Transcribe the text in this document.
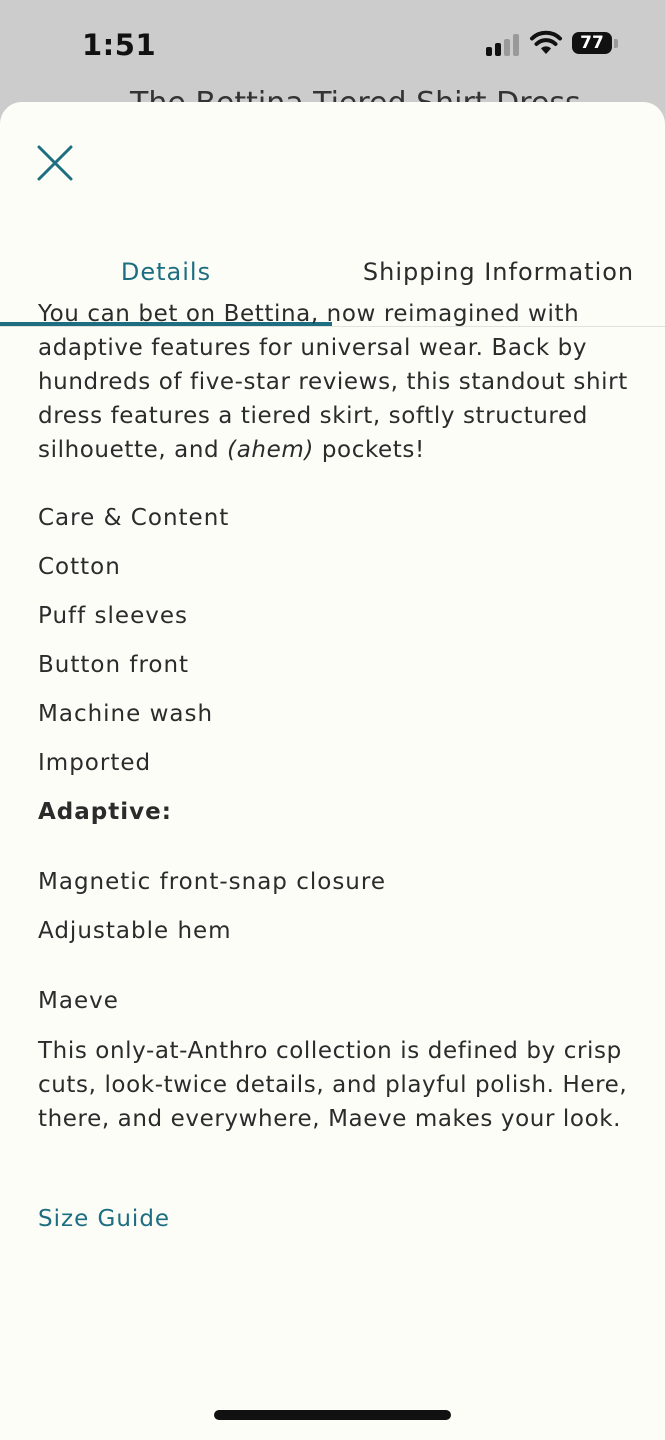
1:51	77
Details	Shipping Information

You can bet on Bettina, now reimagined with adaptive features for universal wear. Back by hundreds of five-star reviews, this standout shirt dress features a tiered skirt, softly structured silhouette, and (ahem) pockets!

Care & Content

Cotton

Puff sleeves

Button front

Machine wash

Imported

Adaptive:

Magnetic front-snap closure

Adjustable hem

Maeve

This only-at-Anthro collection is defined by crisp cuts, look-twice details, and playful polish. Here, there, and everywhere, Maeve makes your look.

Size Guide
